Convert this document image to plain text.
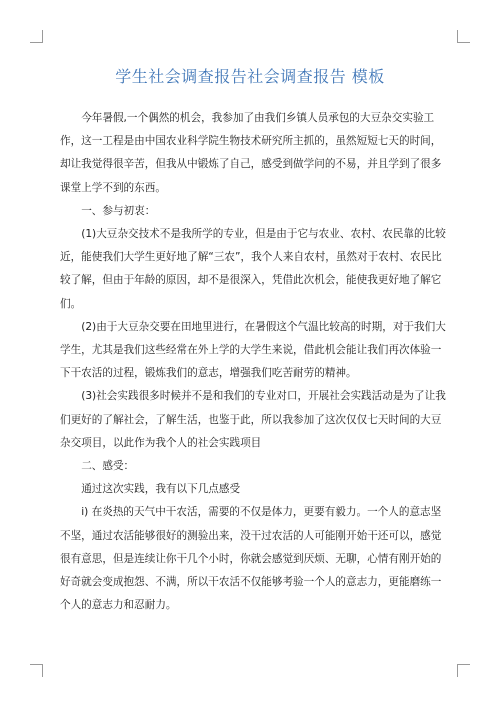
学生社会调查报告社会调查报告 模板

今年暑假,一个偶然的机会，我参加了由我们乡镇人员承包的大豆杂交实验工作，这一工程是由中国农业科学院生物技术研究所主抓的，虽然短短七天的时间，却让我觉得很辛苦，但我从中锻炼了自己，感受到做学问的不易，并且学到了很多课堂上学不到的东西。

一、参与初衷：

(1)大豆杂交技术不是我所学的专业，但是由于它与农业、农村、农民靠的比较近，能使我们大学生更好地了解“三农”，我个人来自农村，虽然对于农村、农民比较了解，但由于年龄的原因，却不是很深入，凭借此次机会，能使我更好地了解它们。

(2)由于大豆杂交要在田地里进行，在暑假这个气温比较高的时期，对于我们大学生，尤其是我们这些经常在外上学的大学生来说，借此机会能让我们再次体验一下干农活的过程，锻炼我们的意志，增强我们吃苦耐劳的精神。

(3)社会实践很多时候并不是和我们的专业对口，开展社会实践活动是为了让我们更好的了解社会，了解生活，也鉴于此，所以我参加了这次仅仅七天时间的大豆杂交项目，以此作为我个人的社会实践项目

二、感受：

通过这次实践，我有以下几点感受

i) 在炎热的天气中干农活，需要的不仅是体力，更要有毅力。一个人的意志坚不坚，通过农活能够很好的测验出来，没干过农活的人可能刚开始干还可以，感觉很有意思，但是连续让你干几个小时，你就会感觉到厌烦、无聊，心情有刚开始的好奇就会变成抱怨、不满，所以干农活不仅能够考验一个人的意志力，更能磨练一个人的意志力和忍耐力。
